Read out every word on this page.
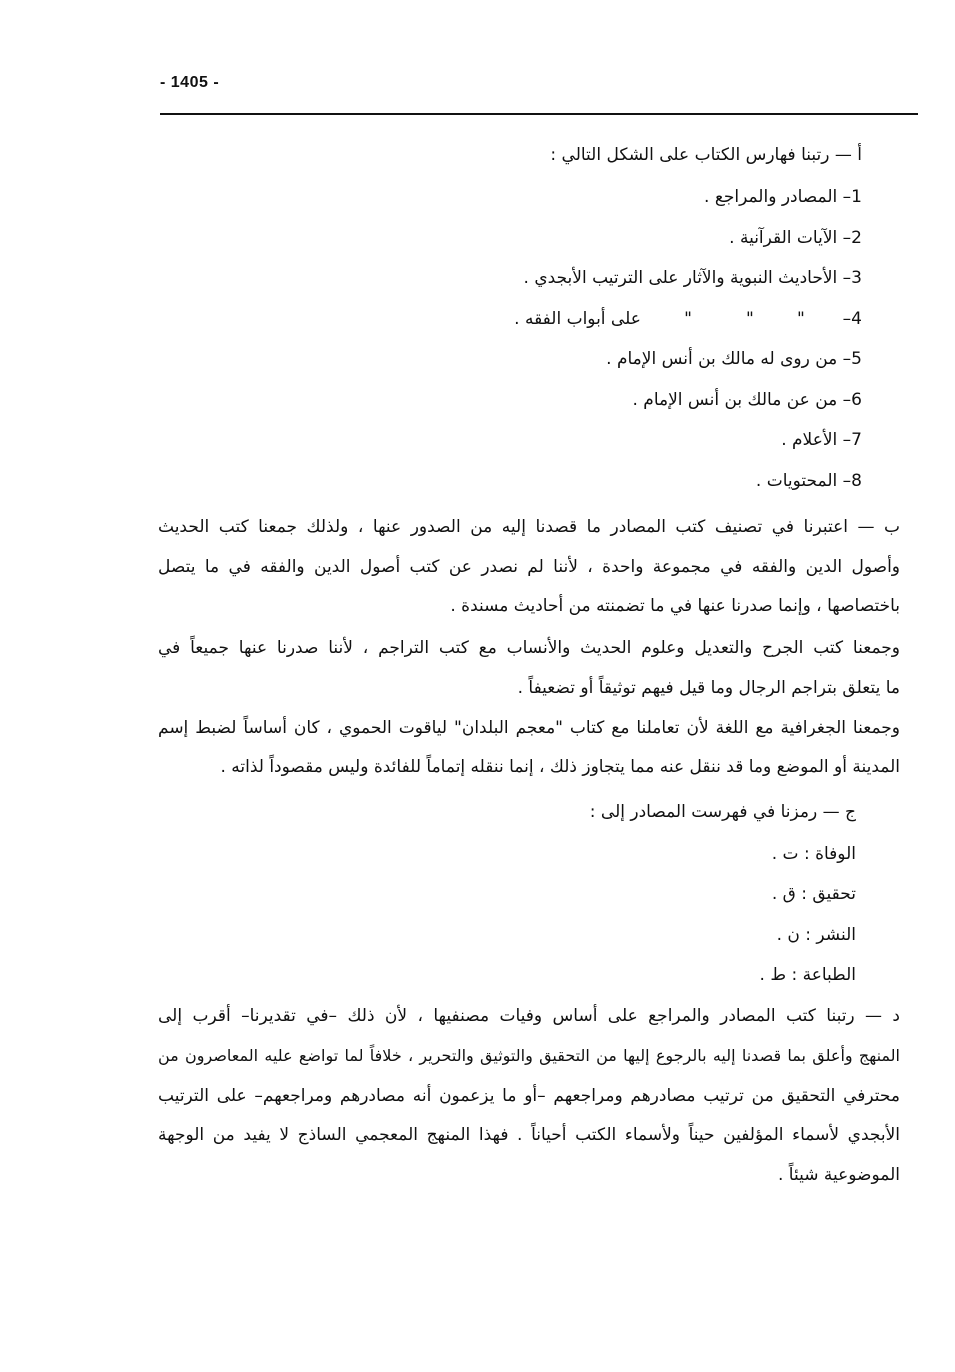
- 1405 -
أ — رتبنا فهارس الكتاب على الشكل التالي :
1– المصادر والمراجع .
2– الآيات القرآنية .
3– الأحاديث النبوية والآثار على الترتيب الأبجدي .
4–       "        "          "        على أبواب الفقه .
5– من روى له مالك بن أنس الإمام .
6– من عن مالك بن أنس الإمام .
7– الأعلام .
8– المحتويات .
ب — اعتبرنا في تصنيف كتب المصادر ما قصدنا إليه من الصدور عنها ، ولذلك جمعنا كتب الحديث
وأصول الدين والفقه في مجموعة واحدة ، لأننا لم نصدر عن كتب أصول الدين والفقه في ما يتصل
باختصاصها ، وإنما صدرنا عنها في ما تضمنته من أحاديث مسندة .
وجمعنا كتب الجرح والتعديل وعلوم الحديث والأنساب مع كتب التراجم ، لأننا صدرنا عنها جميعاً في
ما يتعلق بتراجم الرجال وما قيل فيهم توثيقاً أو تضعيفاً .
وجمعنا الجغرافية مع اللغة لأن تعاملنا مع كتاب "معجم البلدان" لياقوت الحموي ، كان أساساً لضبط إسم
المدينة أو الموضع وما قد ننقل عنه مما يتجاوز ذلك ، إنما ننقله إتماماً للفائدة وليس مقصوداً لذاته .
ج — رمزنا في فهرست المصادر إلى :
الوفاة : ت .
تحقيق : ق .
النشر : ن .
الطباعة : ط .
د — رتبنا كتب المصادر والمراجع على أساس وفيات مصنفيها ، لأن ذلك –في تقديرنا– أقرب إلى
المنهج وأعلق بما قصدنا إليه بالرجوع إليها من التحقيق والتوثيق والتحرير ، خلافاً لما تواضع عليه المعاصرون من
محترفي التحقيق من ترتيب مصادرهم ومراجعهم –أو ما يزعمون أنه مصادرهم ومراجعهم– على الترتيب
الأبجدي لأسماء المؤلفين حيناً ولأسماء الكتب أحياناً . فهذا المنهج المعجمي الساذج لا يفيد من الوجهة
الموضوعية شيئاً .
